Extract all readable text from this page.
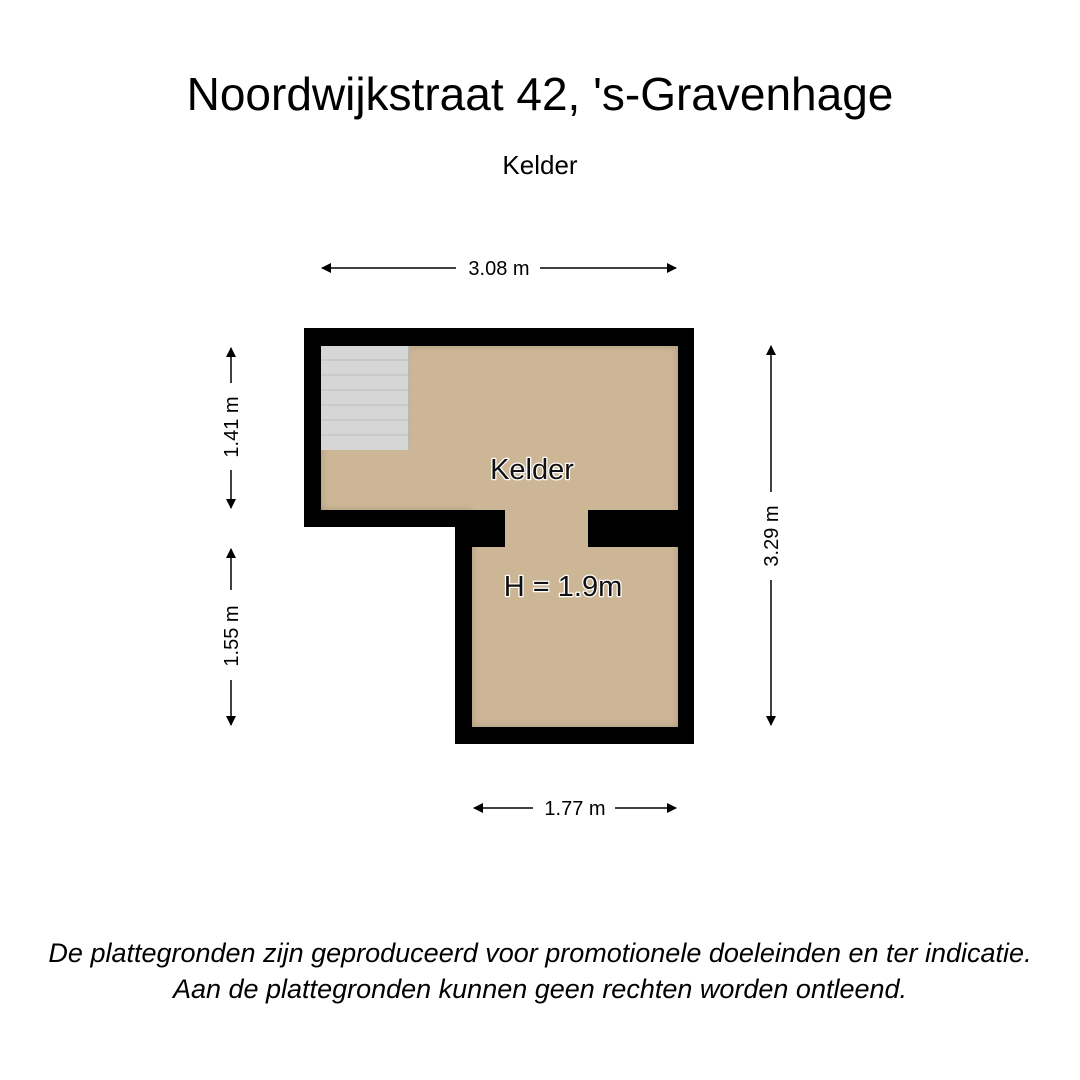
Noordwijkstraat 42, 's-Gravenhage
Kelder
Kelder
H = 1.9m
3.08 m
1.77 m
1.41 m
1.55 m
3.29 m
De plattegronden zijn geproduceerd voor promotionele doeleinden en ter indicatie.
Aan de plattegronden kunnen geen rechten worden ontleend.
